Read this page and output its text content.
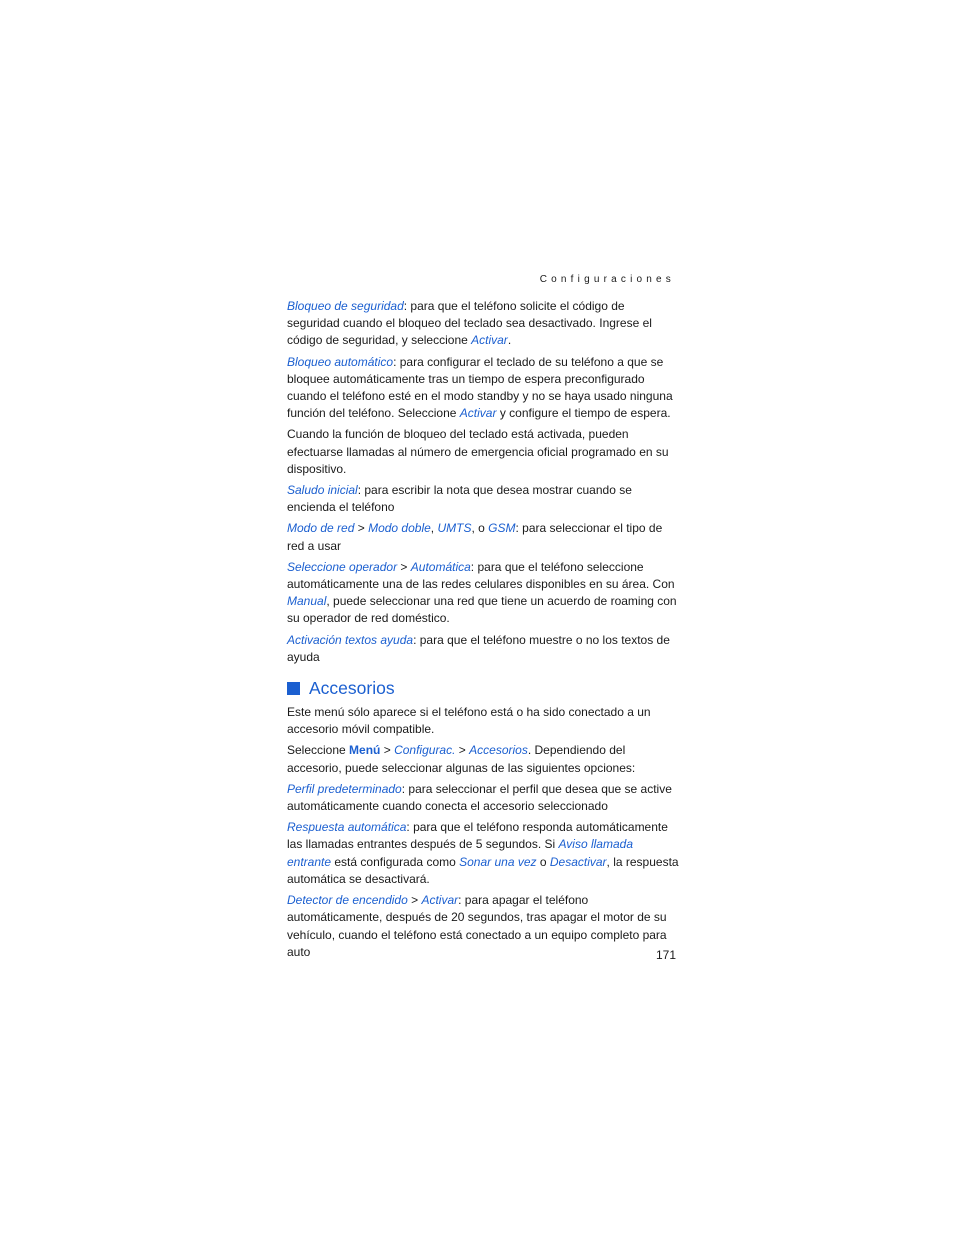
Configuraciones

Bloqueo de seguridad: para que el teléfono solicite el código de seguridad cuando el bloqueo del teclado sea desactivado. Ingrese el código de seguridad, y seleccione Activar.

Bloqueo automático: para configurar el teclado de su teléfono a que se bloquee automáticamente tras un tiempo de espera preconfigurado cuando el teléfono esté en el modo standby y no se haya usado ninguna función del teléfono. Seleccione Activar y configure el tiempo de espera.

Cuando la función de bloqueo del teclado está activada, pueden efectuarse llamadas al número de emergencia oficial programado en su dispositivo.

Saludo inicial: para escribir la nota que desea mostrar cuando se encienda el teléfono

Modo de red > Modo doble, UMTS, o GSM: para seleccionar el tipo de red a usar

Seleccione operador > Automática: para que el teléfono seleccione automáticamente una de las redes celulares disponibles en su área. Con Manual, puede seleccionar una red que tiene un acuerdo de roaming con su operador de red doméstico.

Activación textos ayuda: para que el teléfono muestre o no los textos de ayuda

Accesorios

Este menú sólo aparece si el teléfono está o ha sido conectado a un accesorio móvil compatible.

Seleccione Menú > Configurac. > Accesorios. Dependiendo del accesorio, puede seleccionar algunas de las siguientes opciones:

Perfil predeterminado: para seleccionar el perfil que desea que se active automáticamente cuando conecta el accesorio seleccionado

Respuesta automática: para que el teléfono responda automáticamente las llamadas entrantes después de 5 segundos. Si Aviso llamada entrante está configurada como Sonar una vez o Desactivar, la respuesta automática se desactivará.

Detector de encendido > Activar: para apagar el teléfono automáticamente, después de 20 segundos, tras apagar el motor de su vehículo, cuando el teléfono está conectado a un equipo completo para auto	171
